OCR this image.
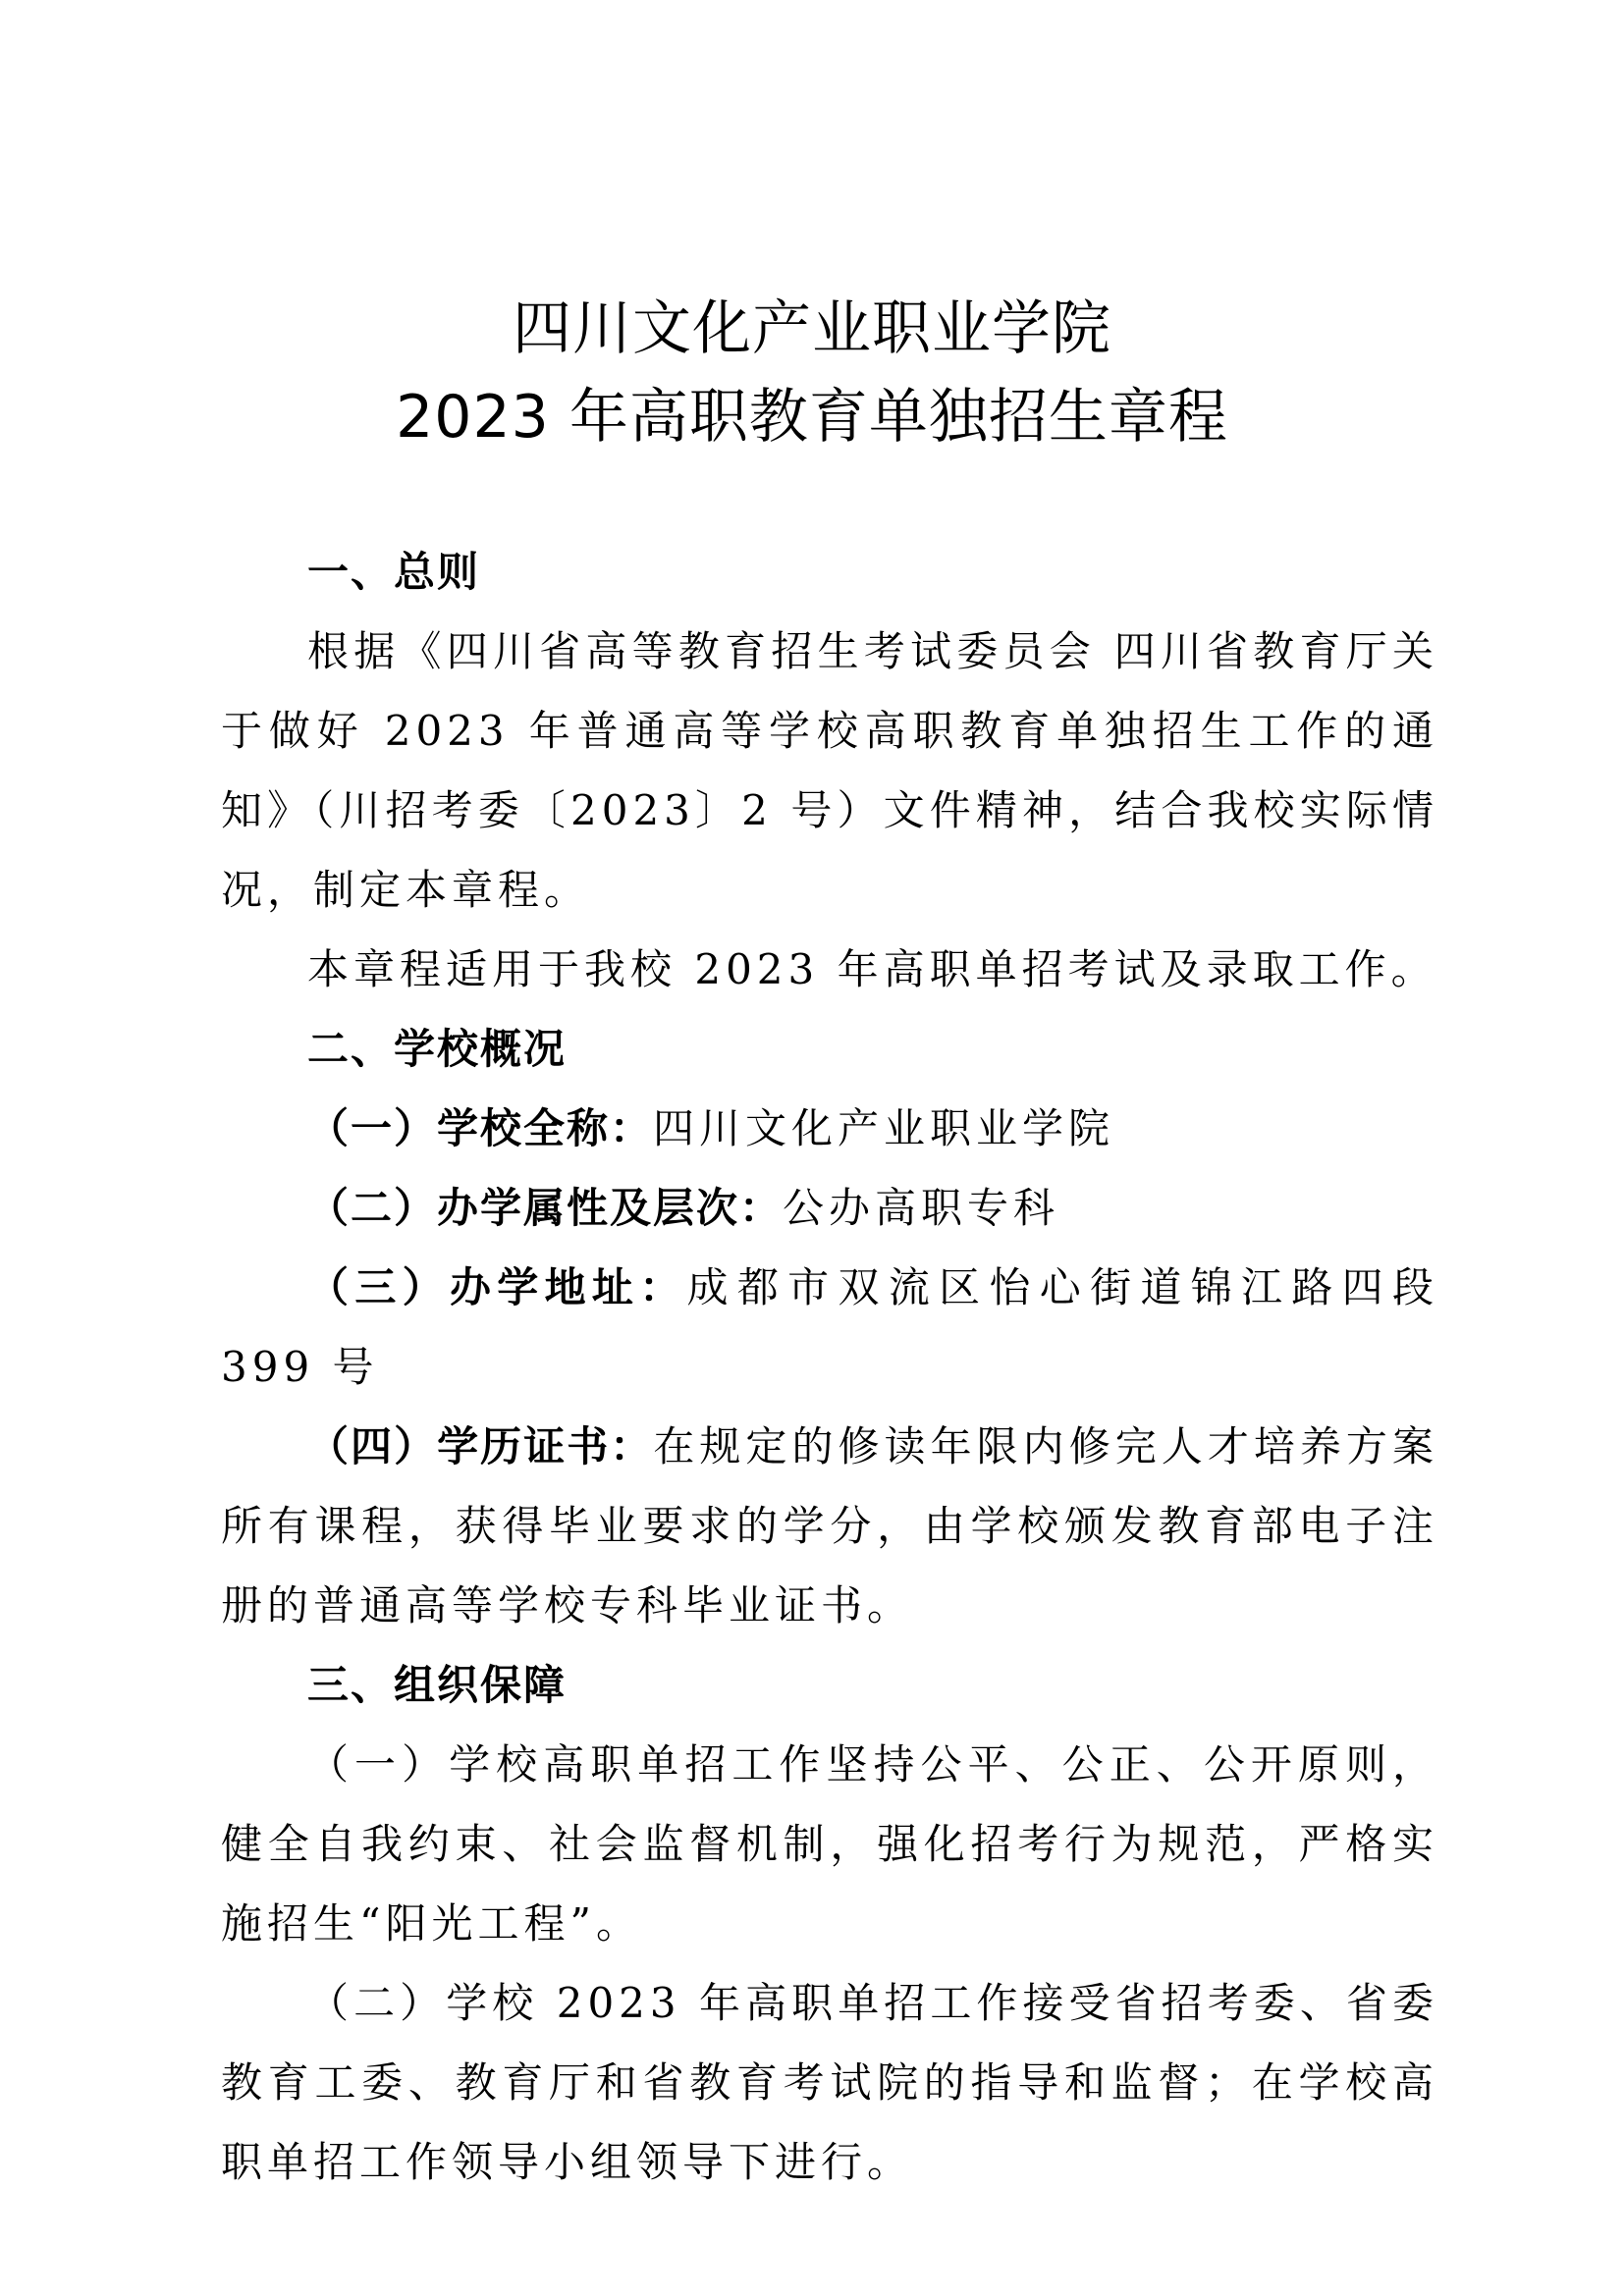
四川文化产业职业学院
2023 年高职教育单独招生章程

一、总则

根据《四川省高等教育招生考试委员会 四川省教育厅关于做好 2023 年普通高等学校高职教育单独招生工作的通知》（川招考委〔2023〕2 号）文件精神，结合我校实际情况，制定本章程。

本章程适用于我校 2023 年高职单招考试及录取工作。

二、学校概况

（一）学校全称：四川文化产业职业学院

（二）办学属性及层次：公办高职专科

（三）办学地址：成都市双流区怡心街道锦江路四段 399 号

（四）学历证书：在规定的修读年限内修完人才培养方案所有课程，获得毕业要求的学分，由学校颁发教育部电子注册的普通高等学校专科毕业证书。

三、组织保障

（一）学校高职单招工作坚持公平、公正、公开原则，健全自我约束、社会监督机制，强化招考行为规范，严格实施招生“阳光工程”。

（二）学校 2023 年高职单招工作接受省招考委、省委教育工委、教育厅和省教育考试院的指导和监督；在学校高职单招工作领导小组领导下进行。
